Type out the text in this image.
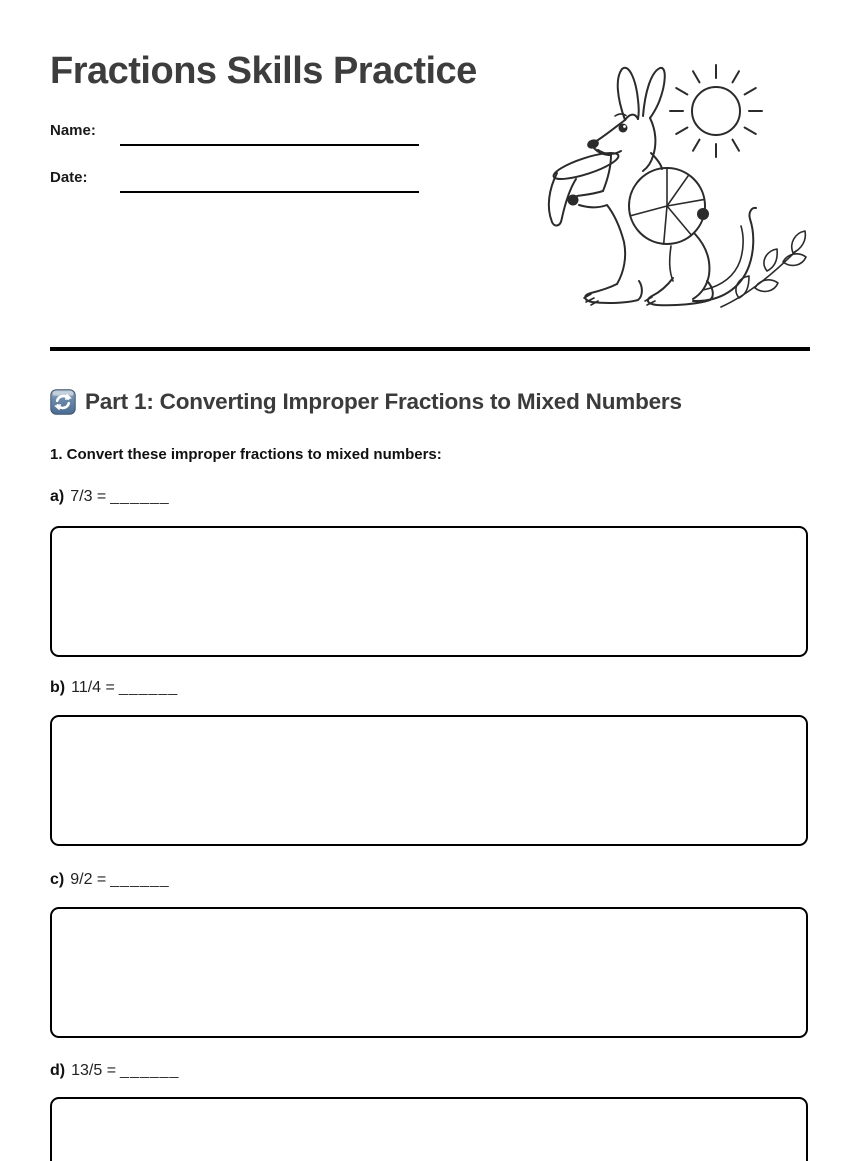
Fractions Skills Practice
Name:
Date:
Part 1: Converting Improper Fractions to Mixed Numbers
1. Convert these improper fractions to mixed numbers:
a) 7/3 = ______
b) 11/4 = ______
c) 9/2 = ______
d) 13/5 = ______
